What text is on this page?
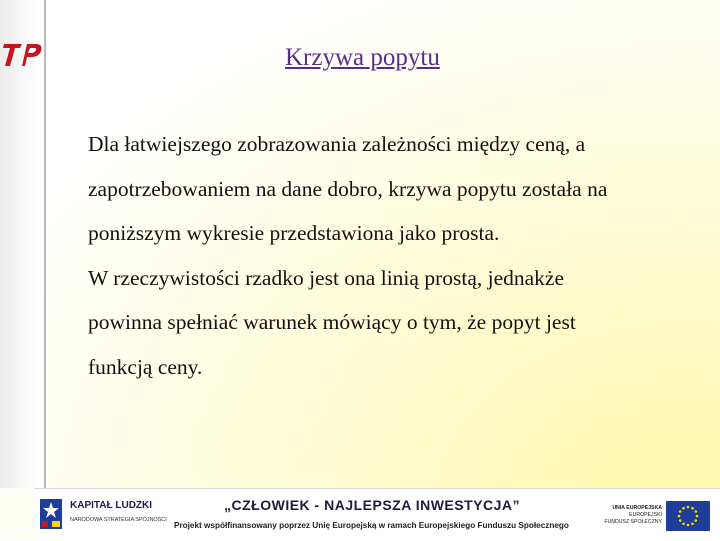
Krzywa popytu
Dla łatwiejszego zobrazowania zależności między ceną, a
zapotrzebowaniem na dane dobro, krzywa popytu została na
poniższym wykresie przedstawiona jako prosta.
W rzeczywistości rzadko jest ona linią prostą, jednakże
powinna spełniać warunek mówiący o tym, że popyt jest
funkcją ceny.
KAPITAŁ LUDZKI
NARODOWA STRATEGIA SPÓJNOŚCI
„CZŁOWIEK - NAJLEPSZA INWESTYCJA”
Projekt współfinansowany poprzez Unię Europejską w ramach Europejskiego Funduszu Społecznego
UNIA EUROPEJSKA
EUROPEJSKI
FUNDUSZ SPOŁECZNY
